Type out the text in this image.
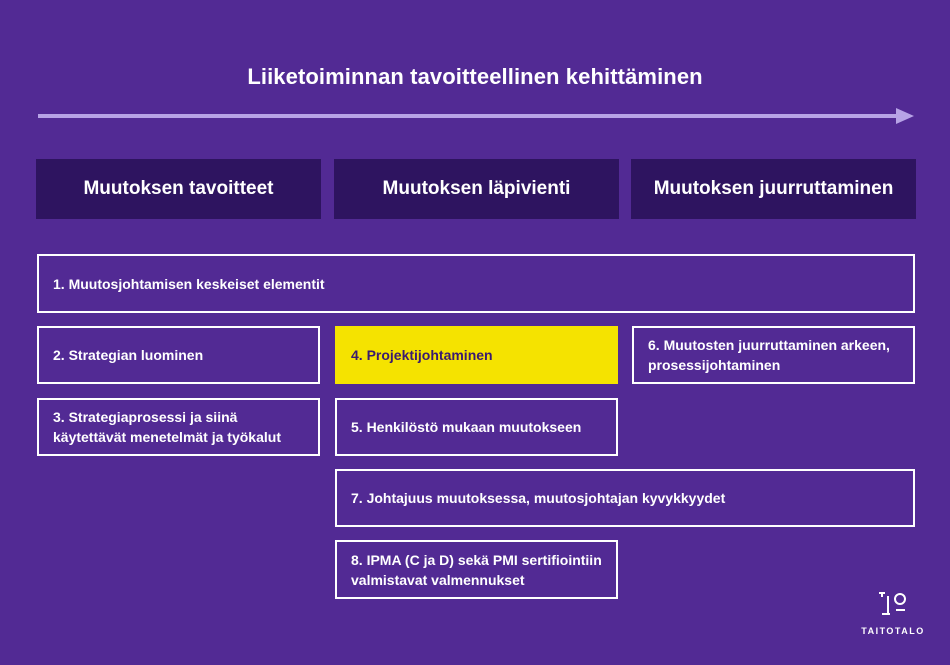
Liiketoiminnan tavoitteellinen kehittäminen
Muutoksen tavoitteet	Muutoksen läpivienti	Muutoksen juurruttaminen
1. Muutosjohtamisen keskeiset elementit
2. Strategian luominen	4. Projektijohtaminen
6. Muutosten juurruttaminen arkeen, prosessijohtaminen
3. Strategiaprosessi ja siinä käytettävät menetelmät ja työkalut
5. Henkilöstö mukaan muutokseen
7. Johtajuus muutoksessa, muutosjohtajan kyvykkyydet
8. IPMA (C ja D) sekä PMI sertifiointiin valmistavat valmennukset
TAITOTALO
